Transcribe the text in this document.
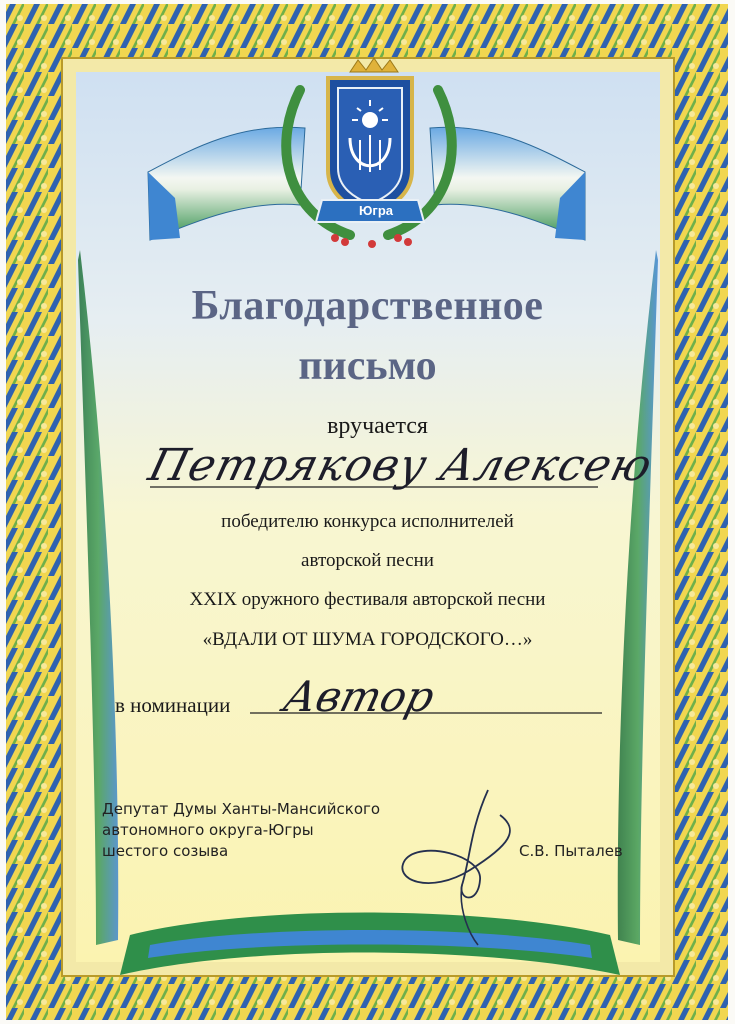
Югра
Благодарственное
письмо
вручается
Петрякову Алексею
победителю конкурса исполнителей
авторской песни
XXIX оружного фестиваля авторской песни
«ВДАЛИ ОТ ШУМА ГОРОДСКОГО…»
в номинации Автор
Депутат Думы Ханты-Мансийского
автономного округа-Югры
шестого созыва	С.В. Пыталев
